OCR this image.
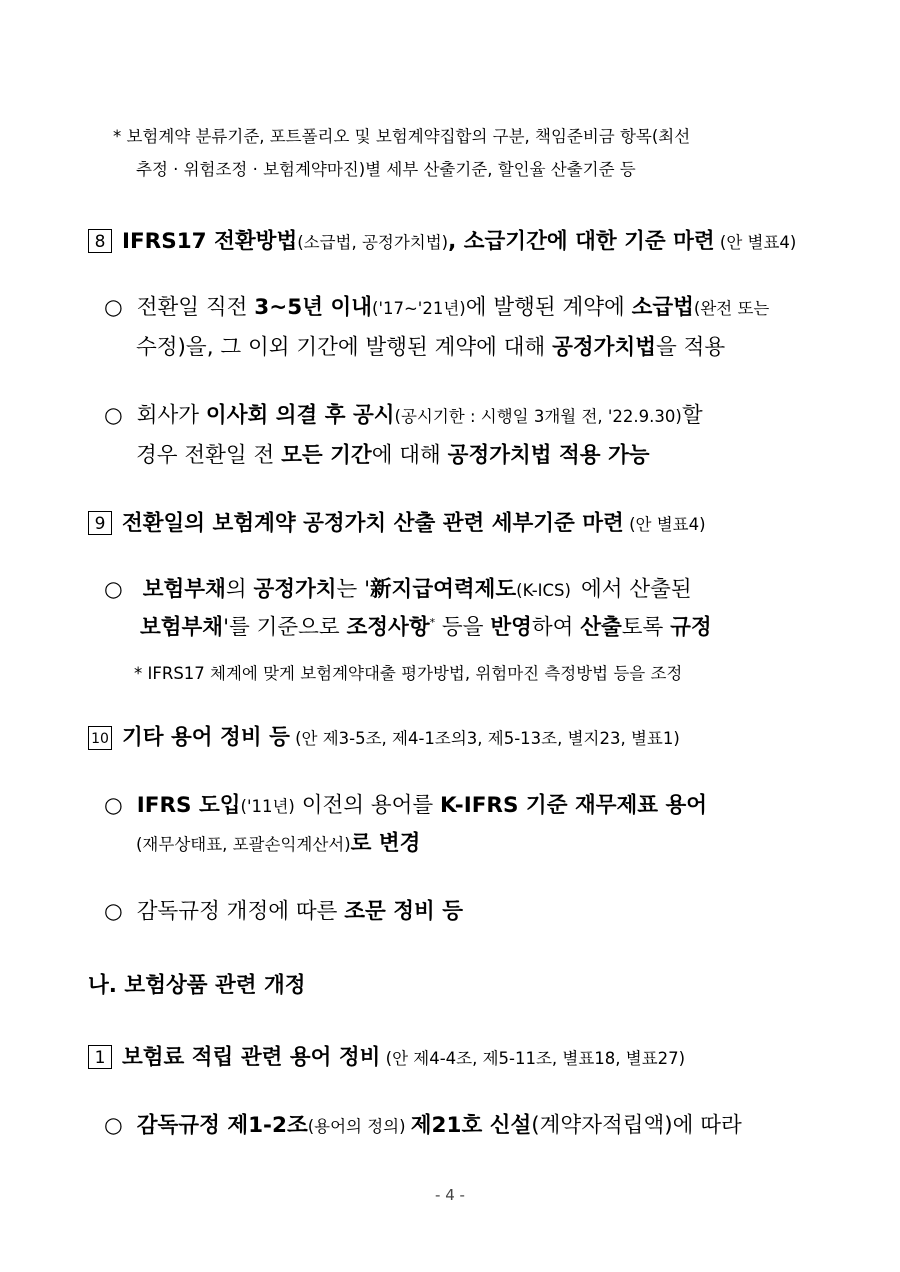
* 보험계약 분류기준, 포트폴리오 및 보험계약집합의 구분, 책임준비금 항목(최선
추정 · 위험조정 · 보험계약마진)별 세부 산출기준, 할인율 산출기준 등
8 IFRS17 전환방법(소급법, 공정가치법), 소급기간에 대한 기준 마련 (안 별표4)
○ 전환일 직전 3~5년 이내('17~'21년)에 발행된 계약에 소급법(완전 또는
수정)을, 그 이외 기간에 발행된 계약에 대해 공정가치법을 적용
○ 회사가 이사회 의결 후 공시(공시기한 : 시행일 3개월 전, '22.9.30)할
경우 전환일 전 모든 기간에 대해 공정가치법 적용 가능
9 전환일의 보험계약 공정가치 산출 관련 세부기준 마련 (안 별표4)
○ 보험부채의 공정가치는 '新지급여력제도(K-ICS) 에서 산출된
보험부채'를 기준으로 조정사항* 등을 반영하여 산출토록 규정
* IFRS17 체계에 맞게 보험계약대출 평가방법, 위험마진 측정방법 등을 조정
10 기타 용어 정비 등 (안 제3-5조, 제4-1조의3, 제5-13조, 별지23, 별표1)
○ IFRS 도입('11년) 이전의 용어를 K-IFRS 기준 재무제표 용어
(재무상태표, 포괄손익계산서)로 변경
○ 감독규정 개정에 따른 조문 정비 등
나. 보험상품 관련 개정
1 보험료 적립 관련 용어 정비 (안 제4-4조, 제5-11조, 별표18, 별표27)
○ 감독규정 제1-2조(용어의 정의) 제21호 신설(계약자적립액)에 따라
- 4 -
